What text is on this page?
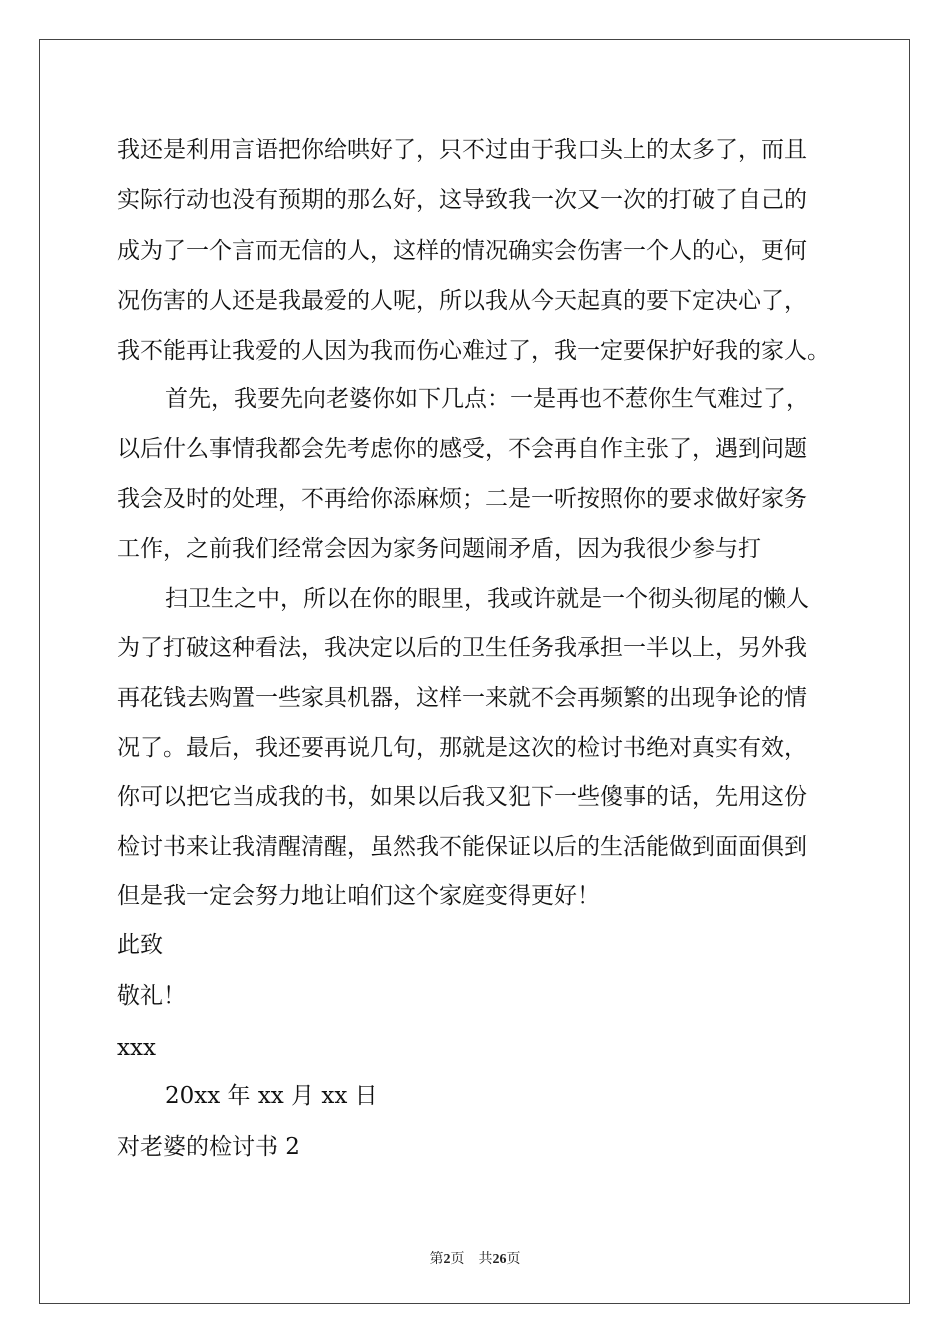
我还是利用言语把你给哄好了，只不过由于我口头上的太多了，而且

实际行动也没有预期的那么好，这导致我一次又一次的打破了自己的

成为了一个言而无信的人，这样的情况确实会伤害一个人的心，更何

况伤害的人还是我最爱的人呢，所以我从今天起真的要下定决心了，

我不能再让我爱的人因为我而伤心难过了，我一定要保护好我的家人。

首先，我要先向老婆你如下几点：一是再也不惹你生气难过了，

以后什么事情我都会先考虑你的感受，不会再自作主张了，遇到问题

我会及时的处理，不再给你添麻烦；二是一听按照你的要求做好家务

工作，之前我们经常会因为家务问题闹矛盾，因为我很少参与打

扫卫生之中，所以在你的眼里，我或许就是一个彻头彻尾的懒人

为了打破这种看法，我决定以后的卫生任务我承担一半以上，另外我

再花钱去购置一些家具机器，这样一来就不会再频繁的出现争论的情

况了。最后，我还要再说几句，那就是这次的检讨书绝对真实有效，

你可以把它当成我的书，如果以后我又犯下一些傻事的话，先用这份

检讨书来让我清醒清醒，虽然我不能保证以后的生活能做到面面俱到

但是我一定会努力地让咱们这个家庭变得更好！

此致

敬礼！

xxx

20xx 年 xx 月 xx 日

对老婆的检讨书 2

第2页 共26页
